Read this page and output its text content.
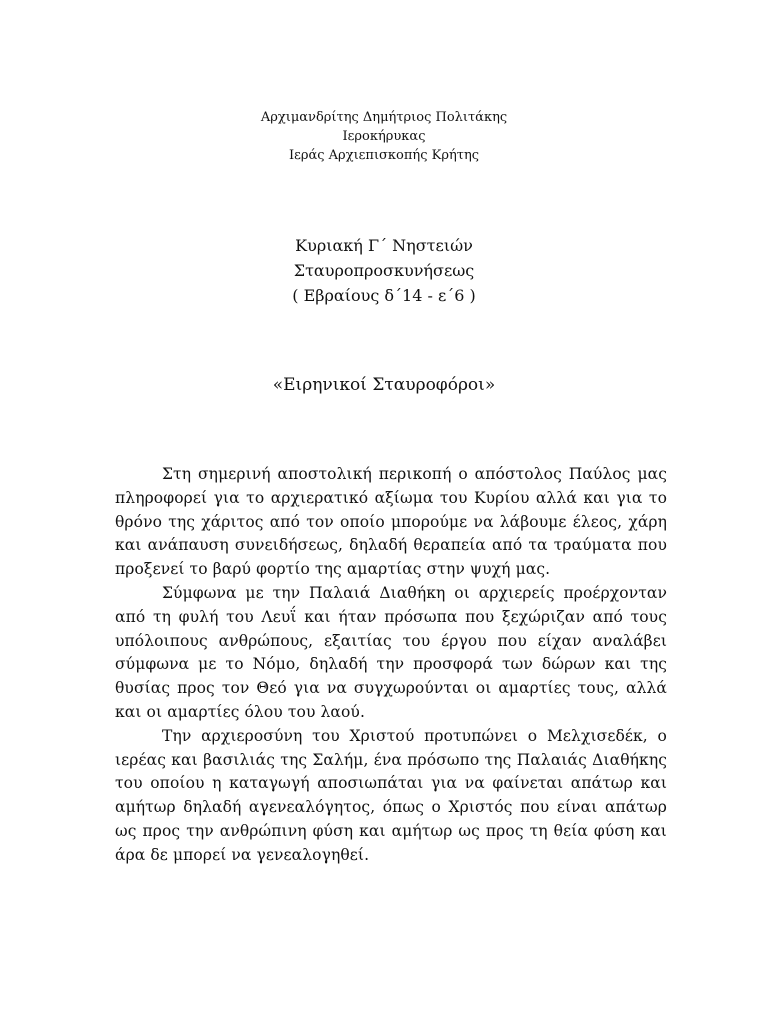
Αρχιμανδρίτης Δημήτριος Πολιτάκης
Ιεροκήρυκας
Ιεράς Αρχιεπισκοπής Κρήτης
Κυριακή Γ΄ Νηστειών
Σταυροπροσκυνήσεως
( Εβραίους δ΄14 - ε΄6 )
«Ειρηνικοί Σταυροφόροι»

Στη σημερινή αποστολική περικοπή ο απόστολος Παύλος μας πληροφορεί για το αρχιερατικό αξίωμα του Κυρίου αλλά και για το θρόνο της χάριτος από τον οποίο μπορούμε να λάβουμε έλεος, χάρη και ανάπαυση συνειδήσεως, δηλαδή θεραπεία από τα τραύματα που προξενεί το βαρύ φορτίο της αμαρτίας στην ψυχή μας.

Σύμφωνα με την Παλαιά Διαθήκη οι αρχιερείς προέρχονταν από τη φυλή του Λευΐ και ήταν πρόσωπα που ξεχώριζαν από τους υπόλοιπους ανθρώπους, εξαιτίας του έργου που είχαν αναλάβει σύμφωνα με το Νόμο, δηλαδή την προσφορά των δώρων και της θυσίας προς τον Θεό για να συγχωρούνται οι αμαρτίες τους, αλλά και οι αμαρτίες όλου του λαού.

Την αρχιεροσύνη του Χριστού προτυπώνει ο Μελχισεδέκ, ο ιερέας και βασιλιάς της Σαλήμ, ένα πρόσωπο της Παλαιάς Διαθήκης του οποίου η καταγωγή αποσιωπάται για να φαίνεται απάτωρ και αμήτωρ δηλαδή αγενεαλόγητος, όπως ο Χριστός που είναι απάτωρ ως προς την ανθρώπινη φύση και αμήτωρ ως προς τη θεία φύση και άρα δε μπορεί να γενεαλογηθεί.
